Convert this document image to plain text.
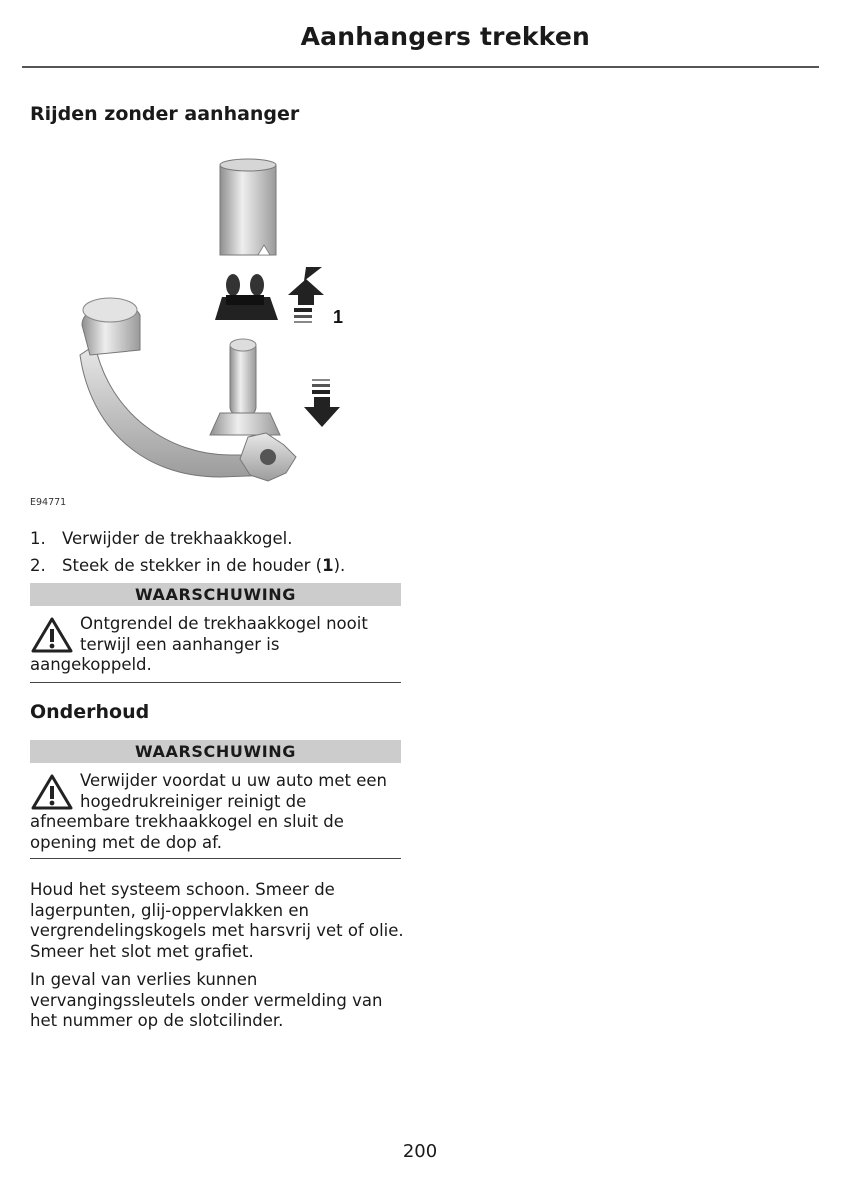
Aanhangers trekken
Rijden zonder aanhanger
1
E94771
1. Verwijder de trekhaakkogel.
2. Steek de stekker in de houder (1).
WAARSCHUWING
Ontgrendel de trekhaakkogel nooit terwijl een aanhanger is aangekoppeld.
Onderhoud
WAARSCHUWING
Verwijder voordat u uw auto met een hogedrukreiniger reinigt de afneembare trekhaakkogel en sluit de opening met de dop af.

Houd het systeem schoon. Smeer de lagerpunten, glij-oppervlakken en vergrendelingskogels met harsvrij vet of olie. Smeer het slot met grafiet.

In geval van verlies kunnen vervangingssleutels onder vermelding van het nummer op de slotcilinder.

200
